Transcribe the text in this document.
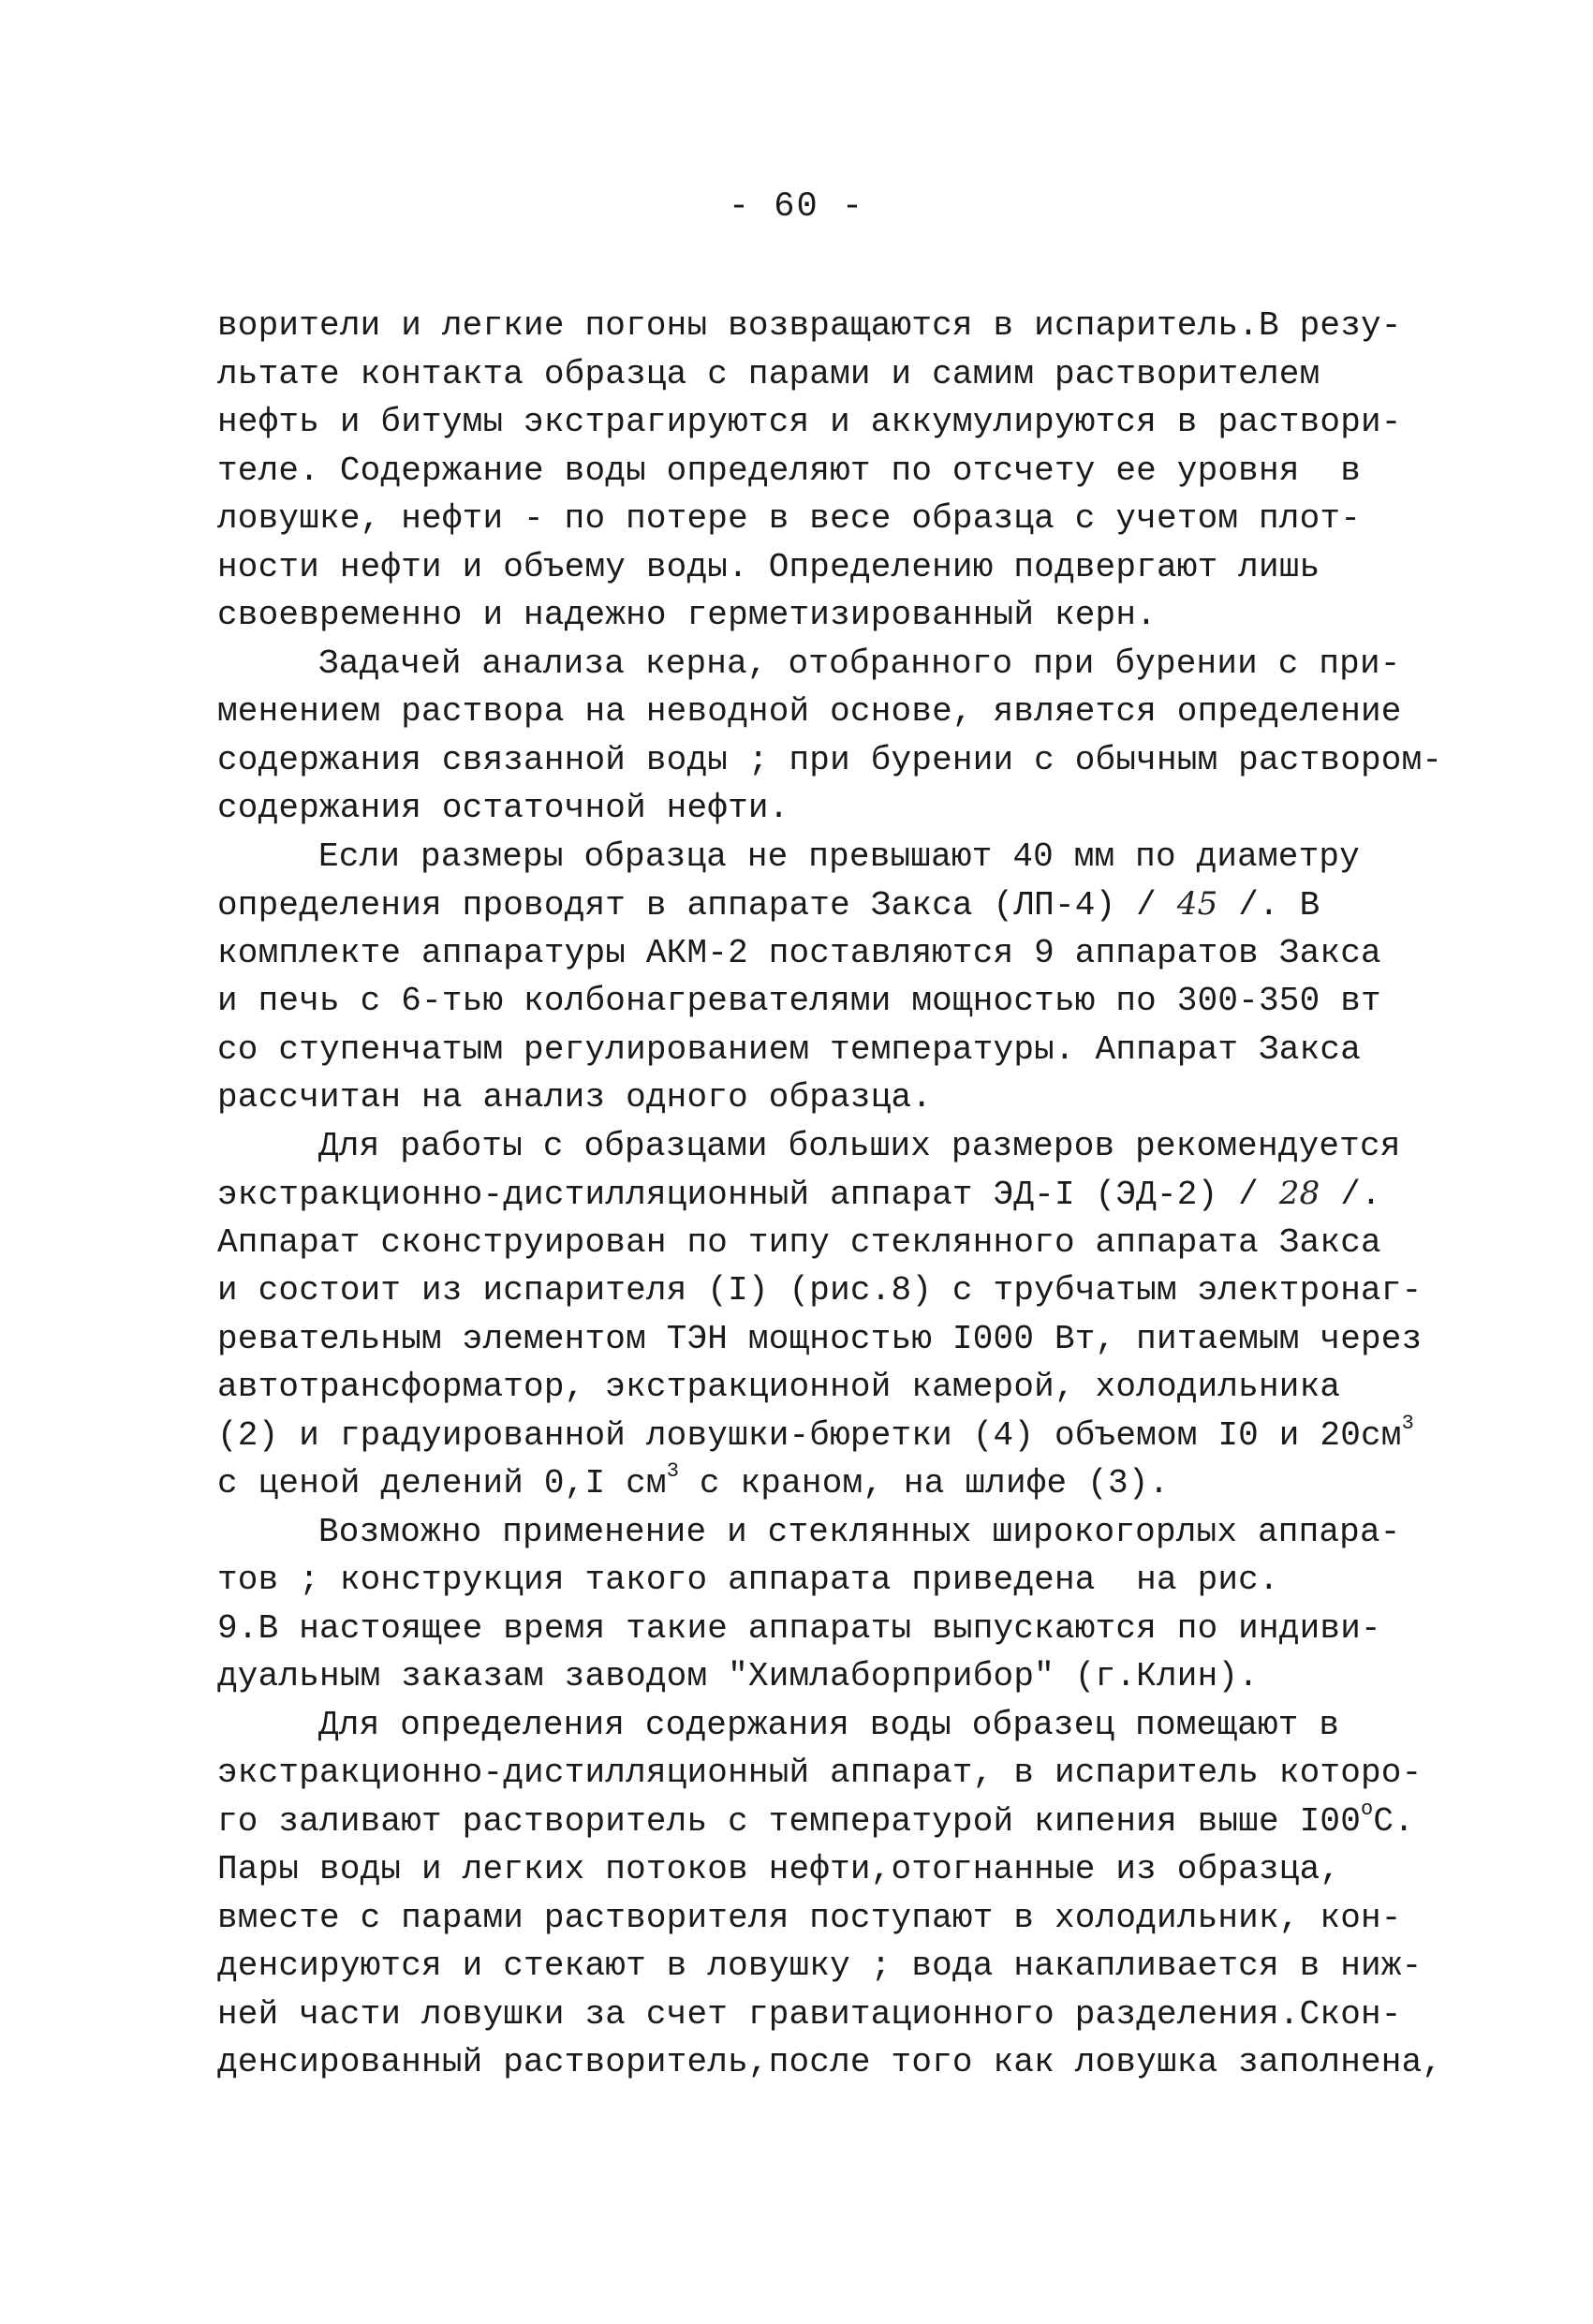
- 60 -
ворители и легкие погоны возвращаются в испаритель.В резу-
льтате контакта образца с парами и самим растворителем
нефть и битумы экстрагируются и аккумулируются в раствори-
теле. Содержание воды определяют по отсчету ее уровня  в
ловушке, нефти - по потере в весе образца с учетом плот-
ности нефти и объему воды. Определению подвергают лишь
своевременно и надежно герметизированный керн.
Задачей анализа керна, отобранного при бурении с при-
менением раствора на неводной основе, является определение
содержания связанной воды ; при бурении с обычным раствором-
содержания остаточной нефти.
Если размеры образца не превышают 40 мм по диаметру
определения проводят в аппарате Закса (ЛП-4) / 45 /. В
комплекте аппаратуры АКМ-2 поставляются 9 аппаратов Закса
и печь с 6-тью колбонагревателями мощностью по 300-350 вт
со ступенчатым регулированием температуры. Аппарат Закса
рассчитан на анализ одного образца.
Для работы с образцами больших размеров рекомендуется
экстракционно-дистилляционный аппарат ЭД-I (ЭД-2) / 28 /.
Аппарат сконструирован по типу стеклянного аппарата Закса
и состоит из испарителя (I) (рис.8) с трубчатым электронаг-
ревательным элементом ТЭН мощностью I000 Вт, питаемым через
автотрансформатор, экстракционной камерой, холодильника
(2) и градуированной ловушки-бюретки (4) объемом I0 и $20см^3$
с ценой делений 0,I $см^3$ с краном, на шлифе (3).
Возможно применение и стеклянных широкогорлых аппара-
тов ; конструкция такого аппарата приведена  на рис.
9.В настоящее время такие аппараты выпускаются по индиви-
дуальным заказам заводом "Химлаборприбор" (г.Клин).
Для определения содержания воды образец помещают в
экстракционно-дистилляционный аппарат, в испаритель которо-
го заливают растворитель с температурой кипения выше I00$^o$С.
Пары воды и легких потоков нефти,отогнанные из образца,
вместе с парами растворителя поступают в холодильник, кон-
денсируются и стекают в ловушку ; вода накапливается в ниж-
ней части ловушки за счет гравитационного разделения.Скон-
денсированный растворитель,после того как ловушка заполнена,
